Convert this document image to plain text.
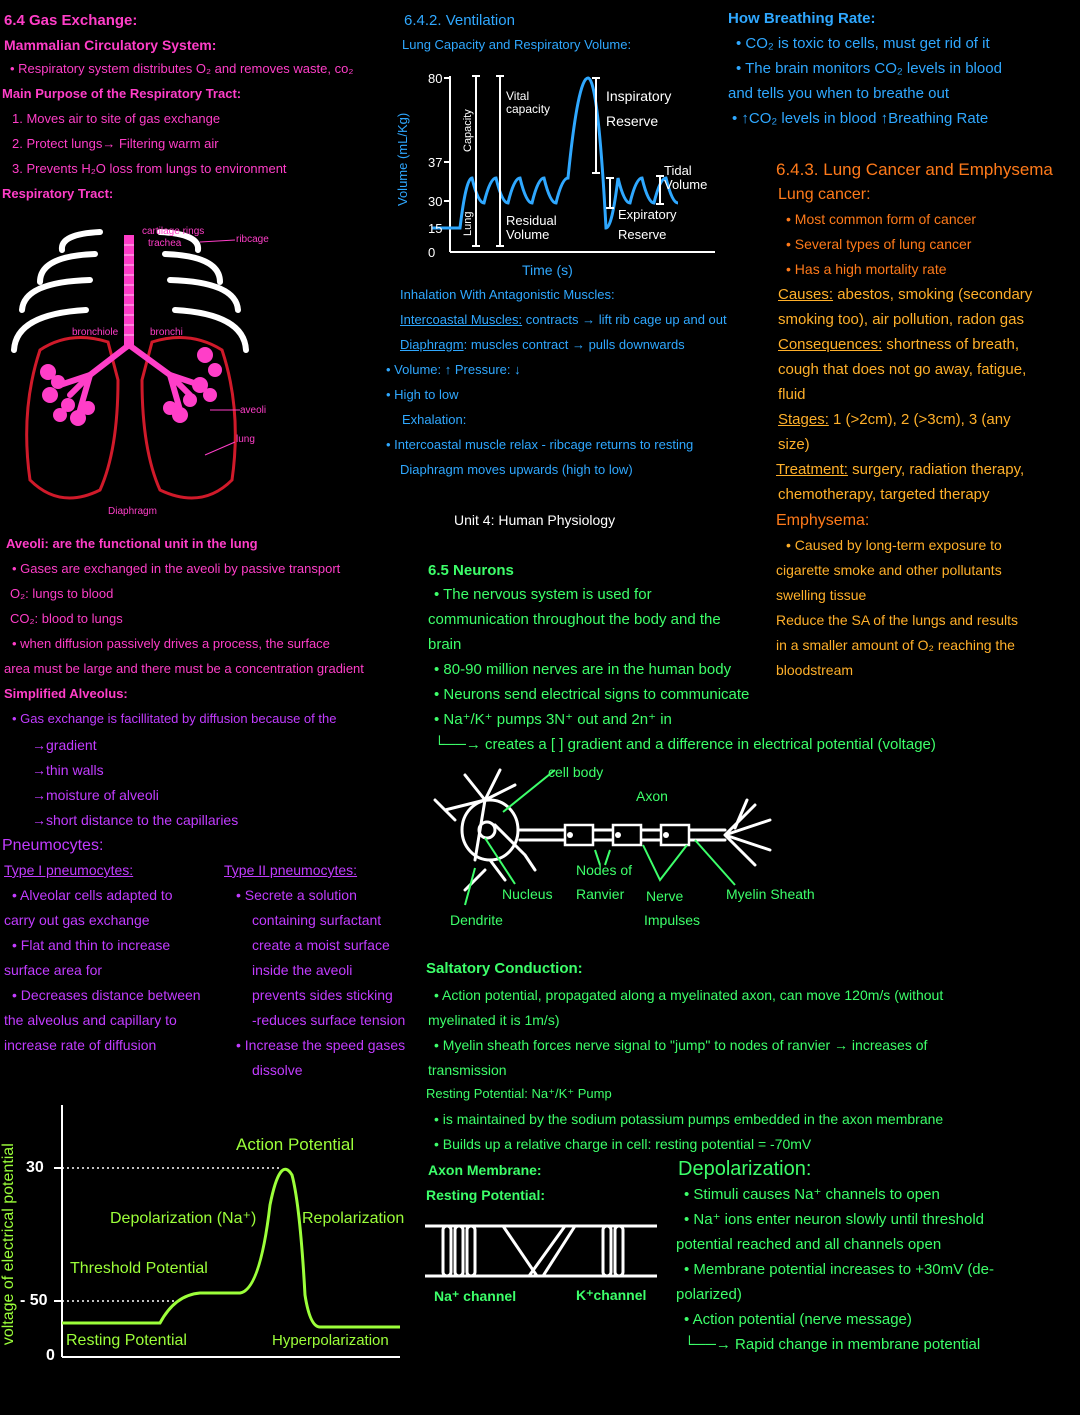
6.4 Gas Exchange:
Mammalian Circulatory System:
• Respiratory system distributes O₂ and removes waste, co₂
Main Purpose of the Respiratory Tract:
1. Moves air to site of gas exchange
2. Protect lungs→ Filtering warm air
3. Prevents H₂O loss from lungs to environment
Respiratory Tract:
cartilage rings
trachea	ribcage
bronchiole	bronchi
aveoli
lung
Diaphragm
Aveoli: are the functional unit in the lung
• Gases are exchanged in the aveoli by passive transport
O₂: lungs to blood
CO₂: blood to lungs
• when diffusion passively drives a process, the surface
area must be large and there must be a concentration gradient
Simplified Alveolus:
• Gas exchange is facillitated by diffusion because of the
→gradient
→thin walls
→moisture of alveoli
→short distance to the capillaries
Pneumocytes:
Type I pneumocytes:	Type II pneumocytes:
• Alveolar cells adapted to
carry out gas exchange
• Flat and thin to increase
surface area for
• Decreases distance between
the alveolus and capillary to
increase rate of diffusion
• Secrete a solution
containing surfactant
create a moist surface
inside the aveoli
prevents sides sticking
-reduces surface tension
• Increase the speed gases
dissolve
voltage of electrical potential 30
- 50
0
Action Potential
Depolarization (Na⁺)	Repolarization
Threshold Potential
Resting Potential	Hyperpolarization
6.4.2. Ventilation
Lung Capacity and Respiratory Volume:
Volume (mL/Kg)
80
37
30
15
0
Capacity
Lung
Vital
capacity
Inspiratory
Reserve
Tidal
Volume
Residual
Volume
Expiratory
Reserve
Time (s)
Inhalation With Antagonistic Muscles:
Intercoastal Muscles: contracts → lift rib cage up and out
Diaphragm: muscles contract → pulls downwards
• Volume: ↑ Pressure: ↓
• High to low
Exhalation:
• Intercoastal muscle relax - ribcage returns to resting
Diaphragm moves upwards (high to low)
Unit 4: Human Physiology
6.5 Neurons
• The nervous system is used for
communication throughout the body and the
brain
• 80-90 million nerves are in the human body
• Neurons send electrical signs to communicate
• Na⁺/K⁺ pumps 3N⁺ out and 2n⁺ in
└──→ creates a [ ] gradient and a difference in electrical potential (voltage)
cell body
Axon
Nodes of
Ranvier
Nucleus	Nerve
Impulses
Myelin Sheath
Dendrite
Saltatory Conduction:
• Action potential, propagated along a myelinated axon, can move 120m/s (without
myelinated it is 1m/s)
• Myelin sheath forces nerve signal to "jump" to nodes of ranvier → increases of
transmission
Resting Potential: Na⁺/K⁺ Pump
• is maintained by the sodium potassium pumps embedded in the axon membrane
• Builds up a relative charge in cell: resting potential = -70mV
Axon Membrane:
Resting Potential:
Na⁺ channel	K⁺channel
How Breathing Rate:
• CO₂ is toxic to cells, must get rid of it
• The brain monitors CO₂ levels in blood
and tells you when to breathe out
• ↑CO₂ levels in blood ↑Breathing Rate
6.4.3. Lung Cancer and Emphysema
Lung cancer:
• Most common form of cancer
• Several types of lung cancer
• Has a high mortality rate
Causes: abestos, smoking (secondary
smoking too), air pollution, radon gas
Consequences: shortness of breath,
cough that does not go away, fatigue,
fluid
Stages: 1 (>2cm), 2 (>3cm), 3 (any
size)
Treatment: surgery, radiation therapy,
chemotherapy, targeted therapy
Emphysema:
• Caused by long-term exposure to
cigarette smoke and other pollutants
swelling tissue
Reduce the SA of the lungs and results
in a smaller amount of O₂ reaching the
bloodstream
Depolarization:
• Stimuli causes Na⁺ channels to open
• Na⁺ ions enter neuron slowly until threshold
potential reached and all channels open
• Membrane potential increases to +30mV (de-
polarized)
• Action potential (nerve message)
└──→ Rapid change in membrane potential
